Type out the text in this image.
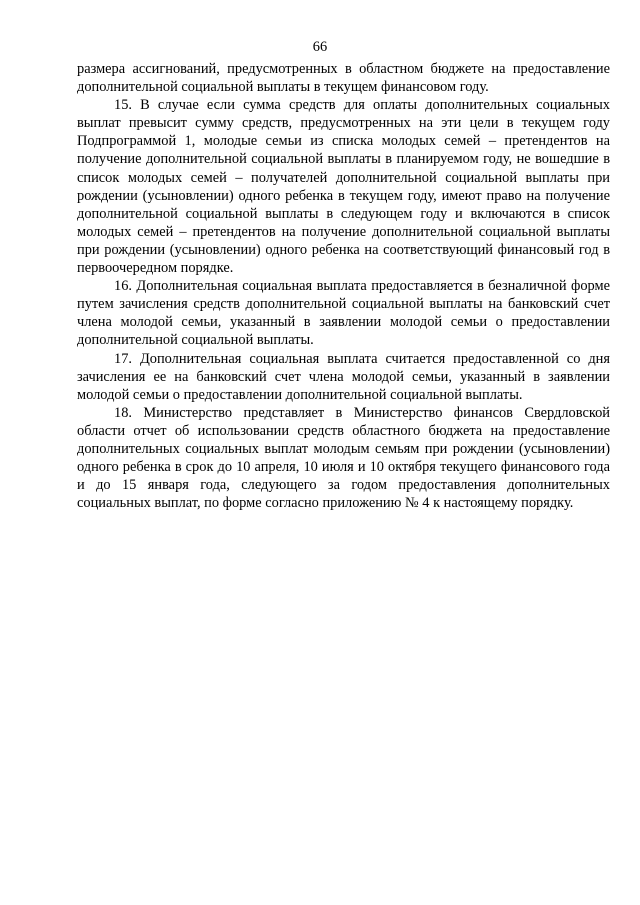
66

размера ассигнований, предусмотренных в областном бюджете на предоставление дополнительной социальной выплаты в текущем финансовом году.

15. В случае если сумма средств для оплаты дополнительных социальных выплат превысит сумму средств, предусмотренных на эти цели в текущем году Подпрограммой 1, молодые семьи из списка молодых семей – претендентов на получение дополнительной социальной выплаты в планируемом году, не вошедшие в список молодых семей – получателей дополнительной социальной выплаты при рождении (усыновлении) одного ребенка в текущем году, имеют право на получение дополнительной социальной выплаты в следующем году и включаются в список молодых семей – претендентов на получение дополнительной социальной выплаты при рождении (усыновлении) одного ребенка на соответствующий финансовый год в первоочередном порядке.

16. Дополнительная социальная выплата предоставляется в безналичной форме путем зачисления средств дополнительной социальной выплаты на банковский счет члена молодой семьи, указанный в заявлении молодой семьи о предоставлении дополнительной социальной выплаты.

17. Дополнительная социальная выплата считается предоставленной со дня зачисления ее на банковский счет члена молодой семьи, указанный в заявлении молодой семьи о предоставлении дополнительной социальной выплаты.

18. Министерство представляет в Министерство финансов Свердловской области отчет об использовании средств областного бюджета на предоставление дополнительных социальных выплат молодым семьям при рождении (усыновлении) одного ребенка в срок до 10 апреля, 10 июля и 10 октября текущего финансового года и до 15 января года, следующего за годом предоставления дополнительных социальных выплат, по форме согласно приложению № 4 к настоящему порядку.
